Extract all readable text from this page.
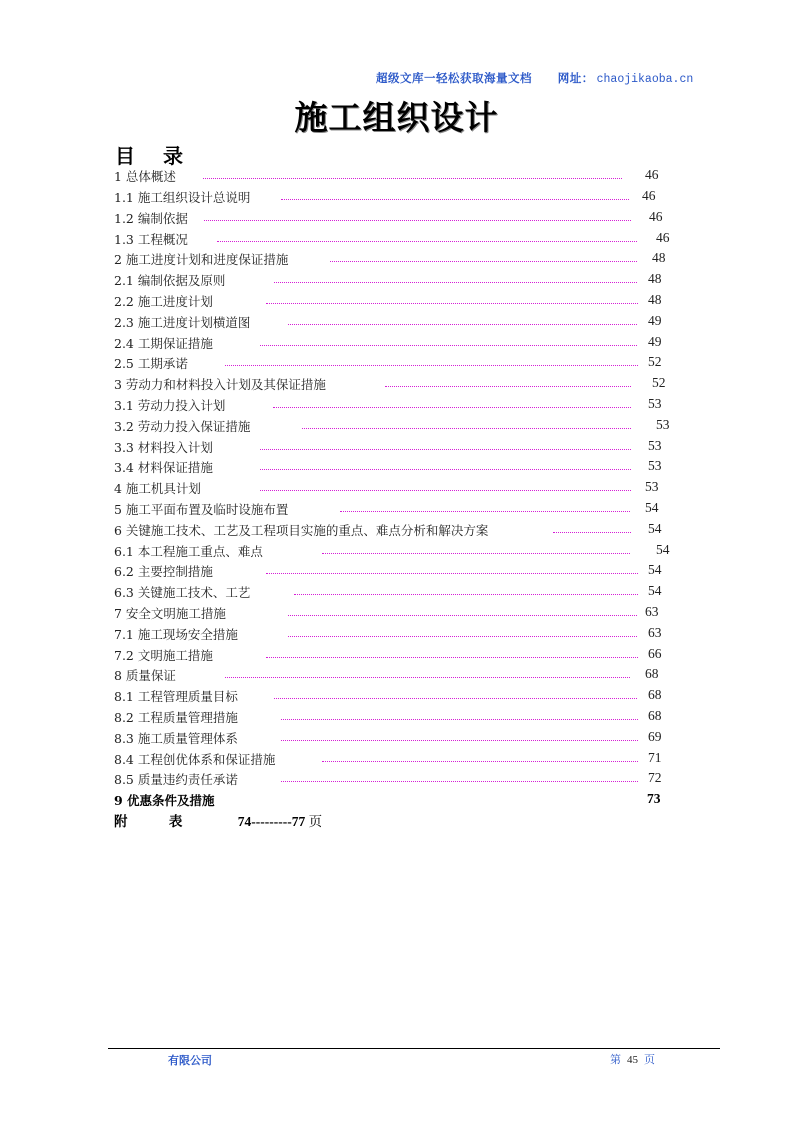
超级文库一轻松获取海量文档 网址： chaojikaoba.cn
施工组织设计
目 录
1 总体概述	46
1.1 施工组织设计总说明	46
1.2 编制依据	46
1.3 工程概况	46
2 施工进度计划和进度保证措施	48
2.1 编制依据及原则	48
2.2 施工进度计划	48
2.3 施工进度计划横道图	49
2.4 工期保证措施	49
2.5 工期承诺	52
3 劳动力和材料投入计划及其保证措施	52
3.1 劳动力投入计划	53
3.2 劳动力投入保证措施	53
3.3 材料投入计划	53
3.4 材料保证措施	53
4 施工机具计划	53
5 施工平面布置及临时设施布置	54
6 关键施工技术、工艺及工程项目实施的重点、难点分析和解决方案	54
6.1 本工程施工重点、难点	54
6.2 主要控制措施	54
6.3 关键施工技术、工艺	54
7 安全文明施工措施	63
7.1 施工现场安全措施	63
7.2 文明施工措施	66
8 质量保证	68
8.1 工程管理质量目标	68
8.2 工程质量管理措施	68
8.3 施工质量管理体系	69
8.4 工程创优体系和保证措施	71
8.5 质量违约责任承诺	72
9 优惠条件及措施	73
附	表	74---------77 页
有限公司	第 45 页
